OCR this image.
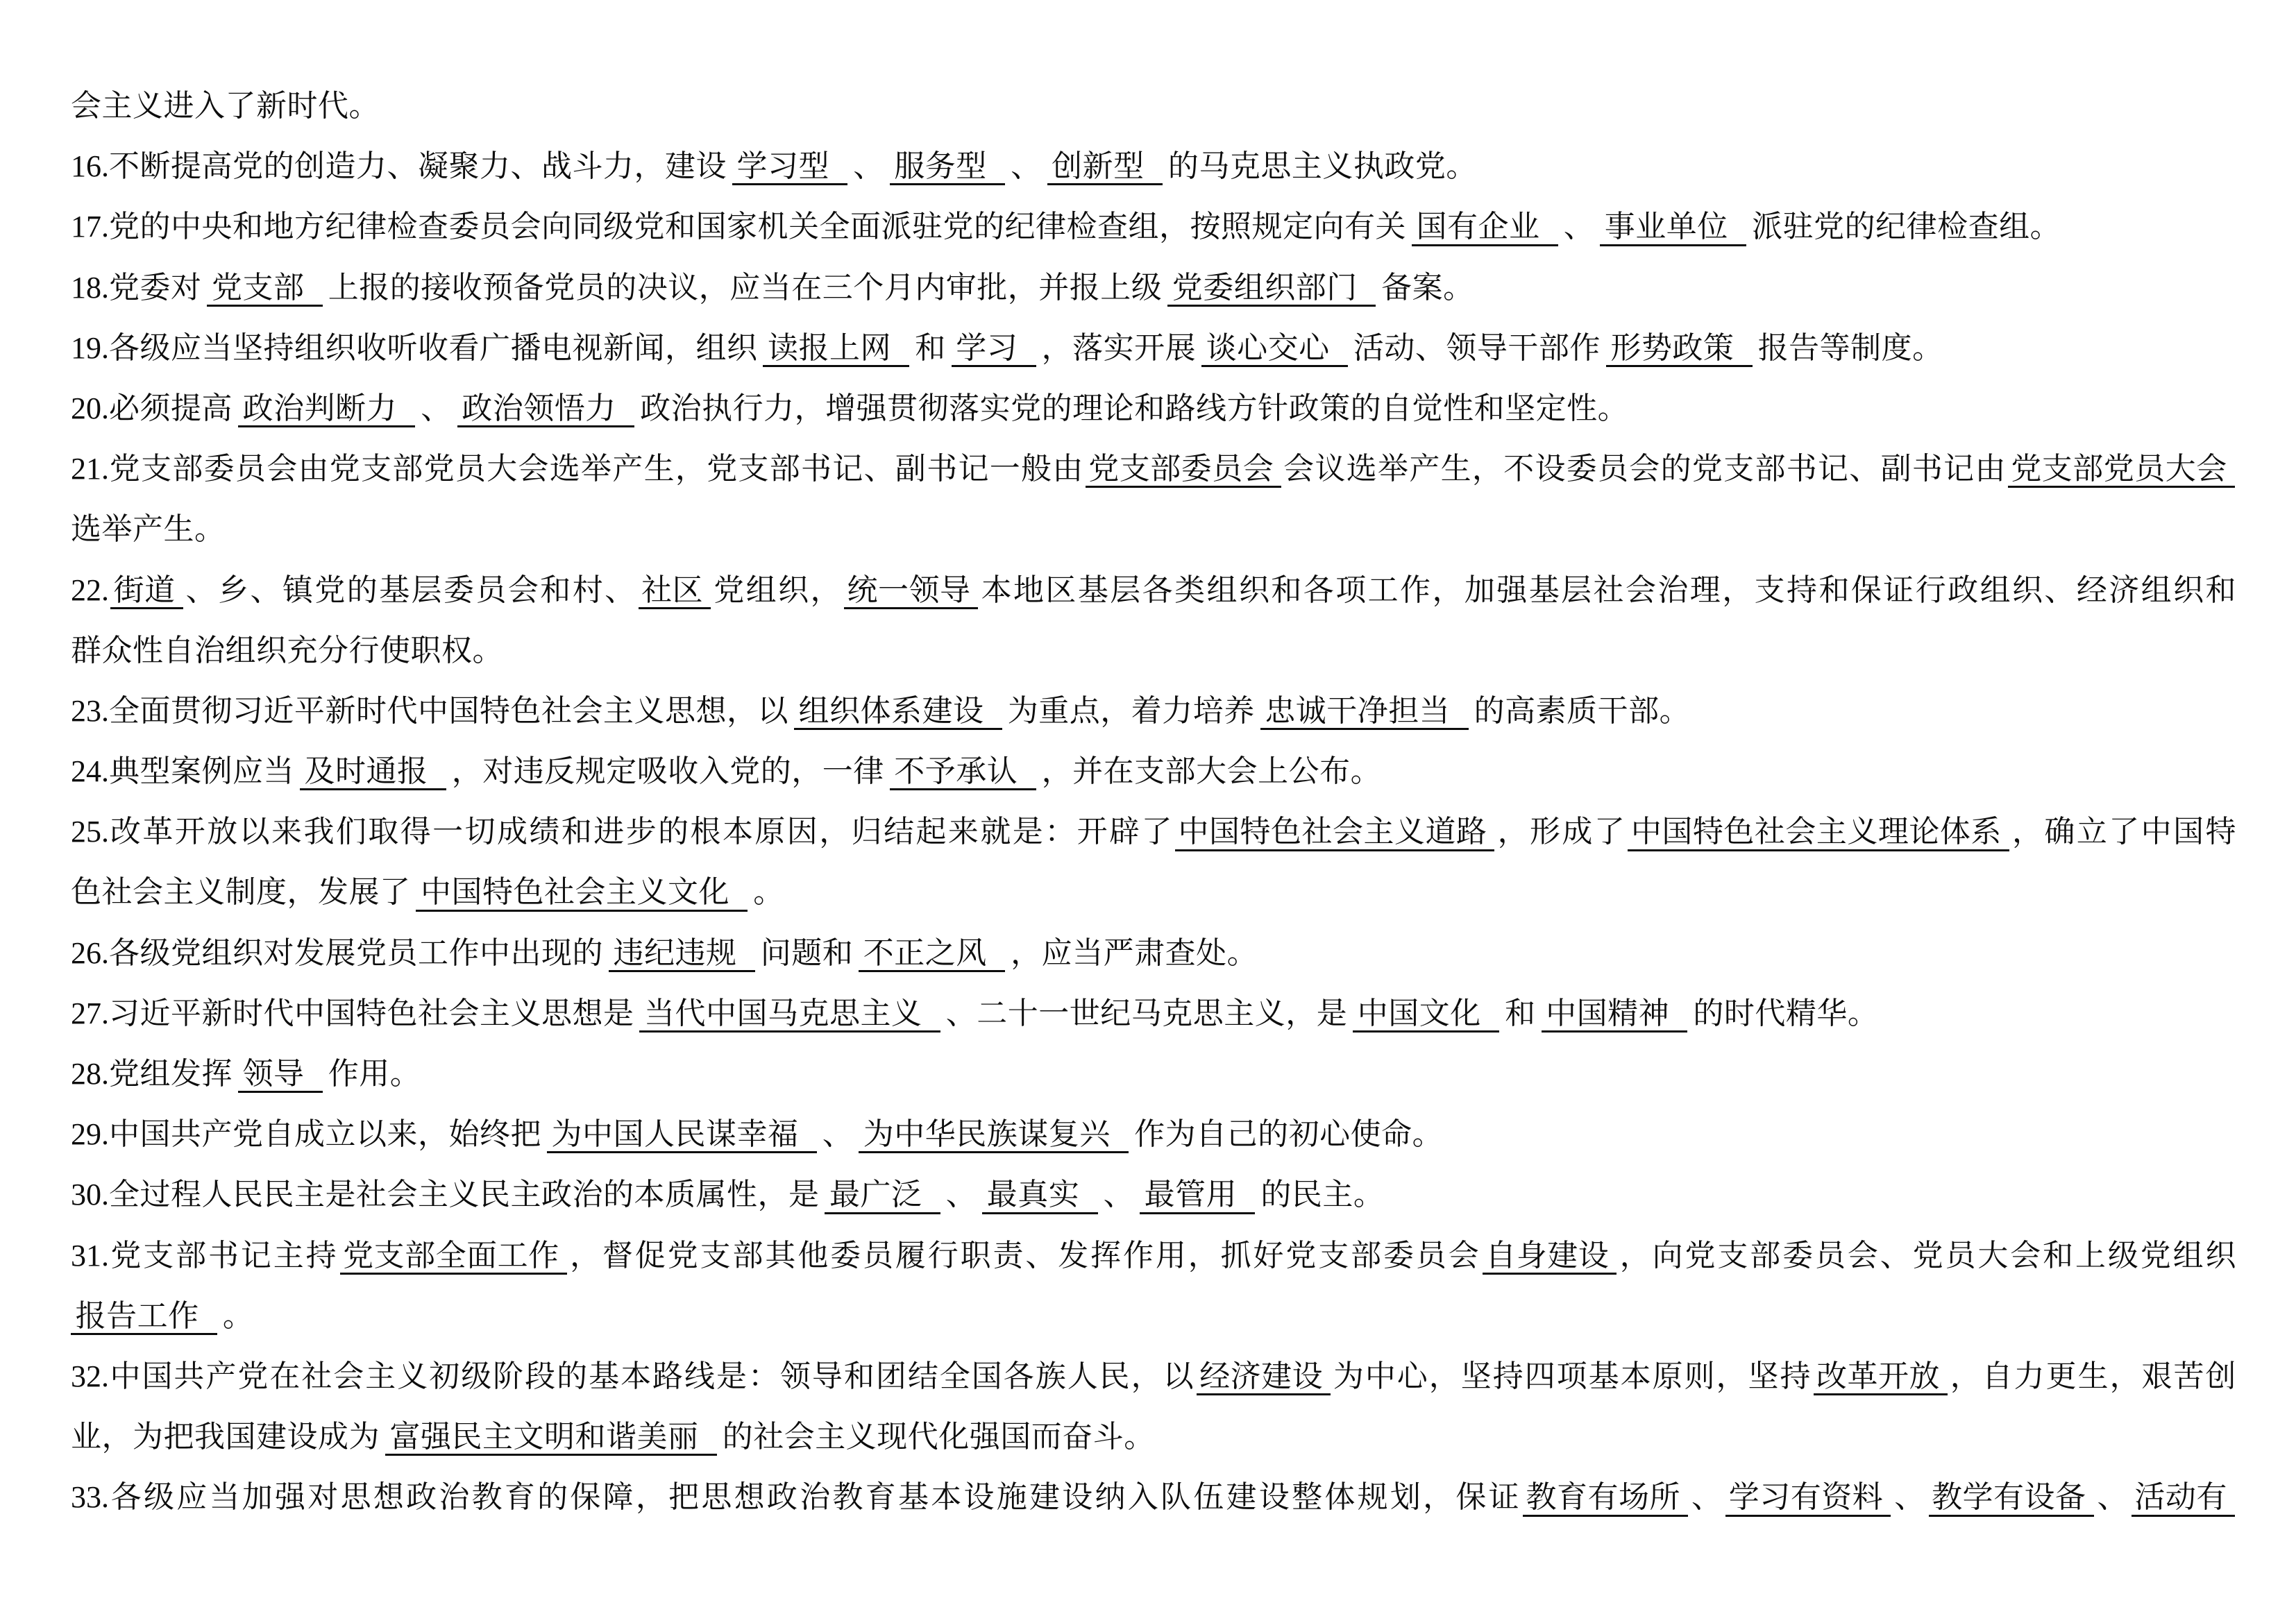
会主义进入了新时代。
16.不断提高党的创造力、凝聚力、战斗力，建设 学习型 、 服务型 、 创新型 的马克思主义执政党。
17.党的中央和地方纪律检查委员会向同级党和国家机关全面派驻党的纪律检查组，按照规定向有关 国有企业 、 事业单位 派驻党的纪律检查组。
18.党委对 党支部 上报的接收预备党员的决议，应当在三个月内审批，并报上级 党委组织部门 备案。
19.各级应当坚持组织收听收看广播电视新闻，组织 读报上网 和 学习 ，落实开展 谈心交心 活动、领导干部作 形势政策 报告等制度。
20.必须提高 政治判断力 、 政治领悟力 政治执行力，增强贯彻落实党的理论和路线方针政策的自觉性和坚定性。
21.党支部委员会由党支部党员大会选举产生，党支部书记、副书记一般由 党支部委员会 会议选举产生，不设委员会的党支部书记、副书记由 党支部党员大会
选举产生。
22. 街道 、乡、镇党的基层委员会和村、 社区 党组织， 统一领导 本地区基层各类组织和各项工作，加强基层社会治理，支持和保证行政组织、经济组织和
群众性自治组织充分行使职权。
23.全面贯彻习近平新时代中国特色社会主义思想，以 组织体系建设 为重点，着力培养 忠诚干净担当 的高素质干部。
24.典型案例应当 及时通报 ，对违反规定吸收入党的，一律 不予承认 ，并在支部大会上公布。
25.改革开放以来我们取得一切成绩和进步的根本原因，归结起来就是：开辟了 中国特色社会主义道路 ，形成了 中国特色社会主义理论体系 ，确立了中国特
色社会主义制度，发展了 中国特色社会主义文化 。
26.各级党组织对发展党员工作中出现的 违纪违规 问题和 不正之风 ，应当严肃查处。
27.习近平新时代中国特色社会主义思想是 当代中国马克思主义 、二十一世纪马克思主义，是 中国文化 和 中国精神 的时代精华。
28.党组发挥 领导 作用。
29.中国共产党自成立以来，始终把 为中国人民谋幸福 、 为中华民族谋复兴 作为自己的初心使命。
30.全过程人民民主是社会主义民主政治的本质属性，是 最广泛 、 最真实 、 最管用 的民主。
31.党支部书记主持 党支部全面工作 ，督促党支部其他委员履行职责、发挥作用，抓好党支部委员会 自身建设 ，向党支部委员会、党员大会和上级党组织
报告工作 。
32.中国共产党在社会主义初级阶段的基本路线是：领导和团结全国各族人民，以 经济建设 为中心，坚持四项基本原则，坚持 改革开放 ，自力更生，艰苦创
业，为把我国建设成为 富强民主文明和谐美丽 的社会主义现代化强国而奋斗。
33.各级应当加强对思想政治教育的保障，把思想政治教育基本设施建设纳入队伍建设整体规划，保证 教育有场所 、 学习有资料 、 教学有设备 、 活动有
